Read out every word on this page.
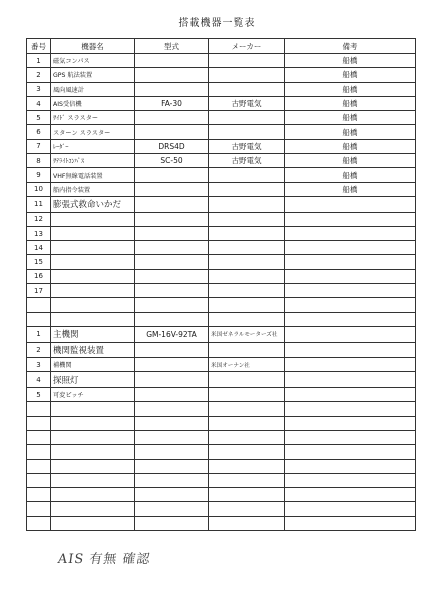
搭載機器一覧表
番号	機器名	型式	メーカー	備考
1	磁気コンパス			船橋
2	GPS 航法装置			船橋
3	風向風速計			船橋
4	AIS受信機	FA-30	古野電気	船橋
5	ｻｲﾄﾞ スラスター			船橋
6	スターン スラスター			船橋
7	ﾚｰﾀﾞｰ	DRS4D	古野電気	船橋
8	ｻﾃﾗｲﾄｺﾝﾊﾟｽ	SC-50	古野電気	船橋
9	VHF無線電話装置			船橋
10	船内指令装置			船橋
11	膨張式救命いかだ			
12				
13				
14				
15				
16				
17				

1	主機関	GM-16V-92TA	米国ゼネラルモーターズ社	
2	機関監視装置			
3	補機関		米国オーナン社	
4	探照灯			
5	可変ピッチ			

AIS 有無 確認
